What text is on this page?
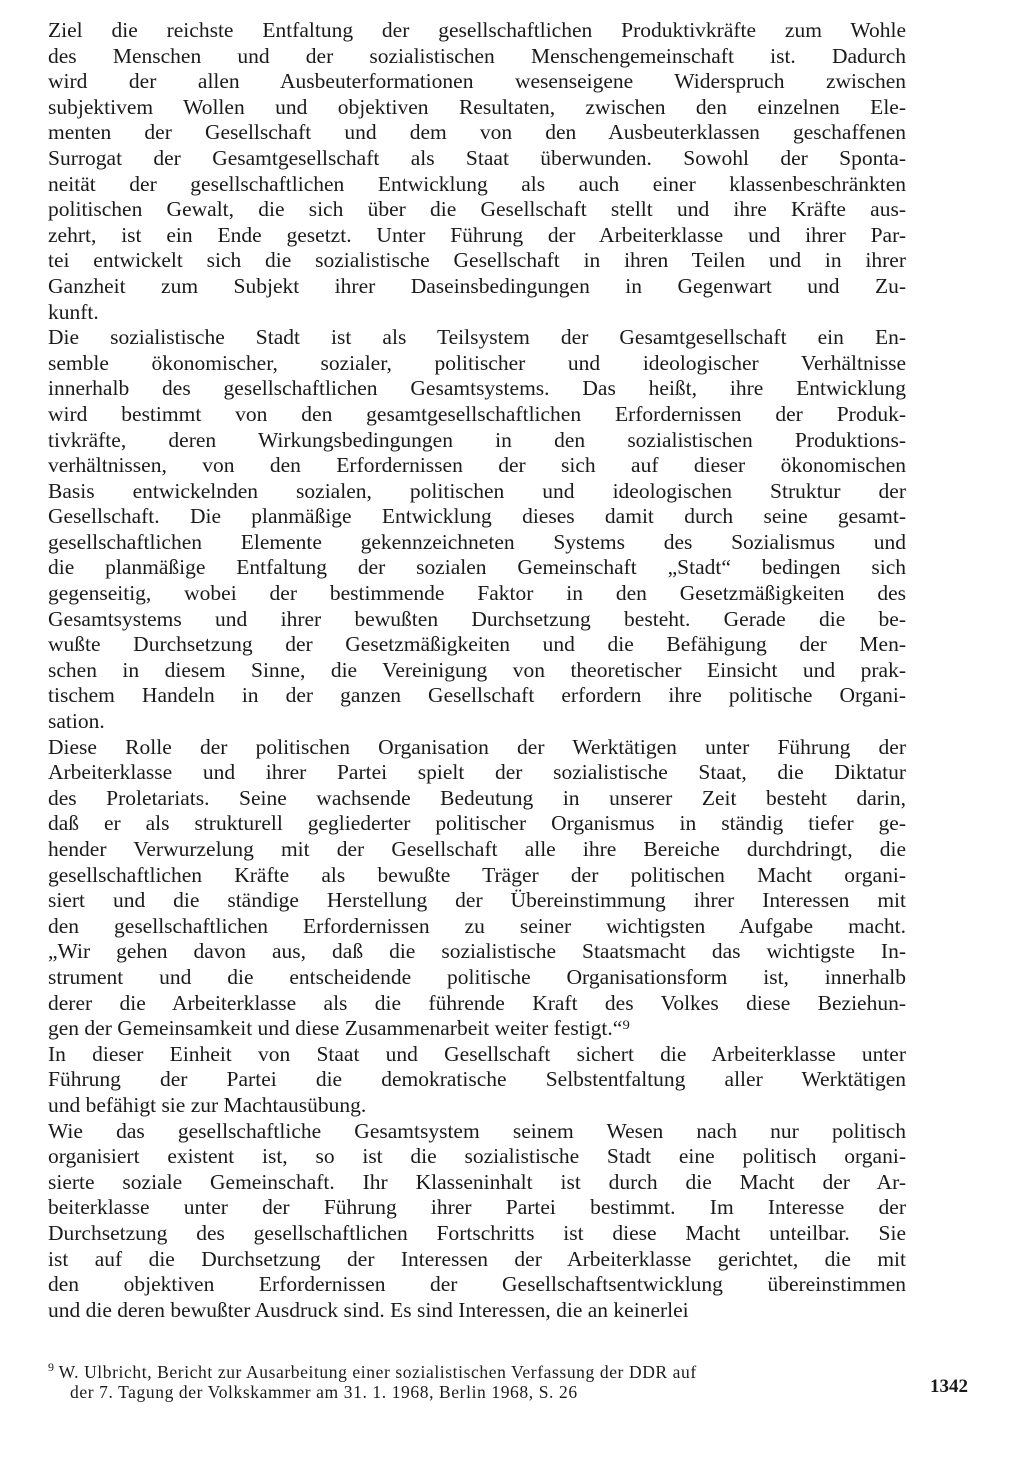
Ziel die reichste Entfaltung der gesellschaftlichen Produktivkräfte zum Wohle
des Menschen und der sozialistischen Menschengemeinschaft ist. Dadurch
wird der allen Ausbeuterformationen wesenseigene Widerspruch zwischen
subjektivem Wollen und objektiven Resultaten, zwischen den einzelnen Ele-
menten der Gesellschaft und dem von den Ausbeuterklassen geschaffenen
Surrogat der Gesamtgesellschaft als Staat überwunden. Sowohl der Sponta-
neität der gesellschaftlichen Entwicklung als auch einer klassenbeschränkten
politischen Gewalt, die sich über die Gesellschaft stellt und ihre Kräfte aus-
zehrt, ist ein Ende gesetzt. Unter Führung der Arbeiterklasse und ihrer Par-
tei entwickelt sich die sozialistische Gesellschaft in ihren Teilen und in ihrer
Ganzheit zum Subjekt ihrer Daseinsbedingungen in Gegenwart und Zu-
kunft.
Die sozialistische Stadt ist als Teilsystem der Gesamtgesellschaft ein En-
semble ökonomischer, sozialer, politischer und ideologischer Verhältnisse
innerhalb des gesellschaftlichen Gesamtsystems. Das heißt, ihre Entwicklung
wird bestimmt von den gesamtgesellschaftlichen Erfordernissen der Produk-
tivkräfte, deren Wirkungsbedingungen in den sozialistischen Produktions-
verhältnissen, von den Erfordernissen der sich auf dieser ökonomischen
Basis entwickelnden sozialen, politischen und ideologischen Struktur der
Gesellschaft. Die planmäßige Entwicklung dieses damit durch seine gesamt-
gesellschaftlichen Elemente gekennzeichneten Systems des Sozialismus und
die planmäßige Entfaltung der sozialen Gemeinschaft „Stadt“ bedingen sich
gegenseitig, wobei der bestimmende Faktor in den Gesetzmäßigkeiten des
Gesamtsystems und ihrer bewußten Durchsetzung besteht. Gerade die be-
wußte Durchsetzung der Gesetzmäßigkeiten und die Befähigung der Men-
schen in diesem Sinne, die Vereinigung von theoretischer Einsicht und prak-
tischem Handeln in der ganzen Gesellschaft erfordern ihre politische Organi-
sation.
Diese Rolle der politischen Organisation der Werktätigen unter Führung der
Arbeiterklasse und ihrer Partei spielt der sozialistische Staat, die Diktatur
des Proletariats. Seine wachsende Bedeutung in unserer Zeit besteht darin,
daß er als strukturell gegliederter politischer Organismus in ständig tiefer ge-
hender Verwurzelung mit der Gesellschaft alle ihre Bereiche durchdringt, die
gesellschaftlichen Kräfte als bewußte Träger der politischen Macht organi-
siert und die ständige Herstellung der Übereinstimmung ihrer Interessen mit
den gesellschaftlichen Erfordernissen zu seiner wichtigsten Aufgabe macht.
„Wir gehen davon aus, daß die sozialistische Staatsmacht das wichtigste In-
strument und die entscheidende politische Organisationsform ist, innerhalb
derer die Arbeiterklasse als die führende Kraft des Volkes diese Beziehun-
gen der Gemeinsamkeit und diese Zusammenarbeit weiter festigt.“⁹
In dieser Einheit von Staat und Gesellschaft sichert die Arbeiterklasse unter
Führung der Partei die demokratische Selbstentfaltung aller Werktätigen
und befähigt sie zur Machtausübung.
Wie das gesellschaftliche Gesamtsystem seinem Wesen nach nur politisch
organisiert existent ist, so ist die sozialistische Stadt eine politisch organi-
sierte soziale Gemeinschaft. Ihr Klasseninhalt ist durch die Macht der Ar-
beiterklasse unter der Führung ihrer Partei bestimmt. Im Interesse der
Durchsetzung des gesellschaftlichen Fortschritts ist diese Macht unteilbar. Sie
ist auf die Durchsetzung der Interessen der Arbeiterklasse gerichtet, die mit
den objektiven Erfordernissen der Gesellschaftsentwicklung übereinstimmen
und die deren bewußter Ausdruck sind. Es sind Interessen, die an keinerlei
$^9$ W. Ulbricht, Bericht zur Ausarbeitung einer sozialistischen Verfassung der DDR auf
der 7. Tagung der Volkskammer am 31. 1. 1968, Berlin 1968, S. 26	1342
